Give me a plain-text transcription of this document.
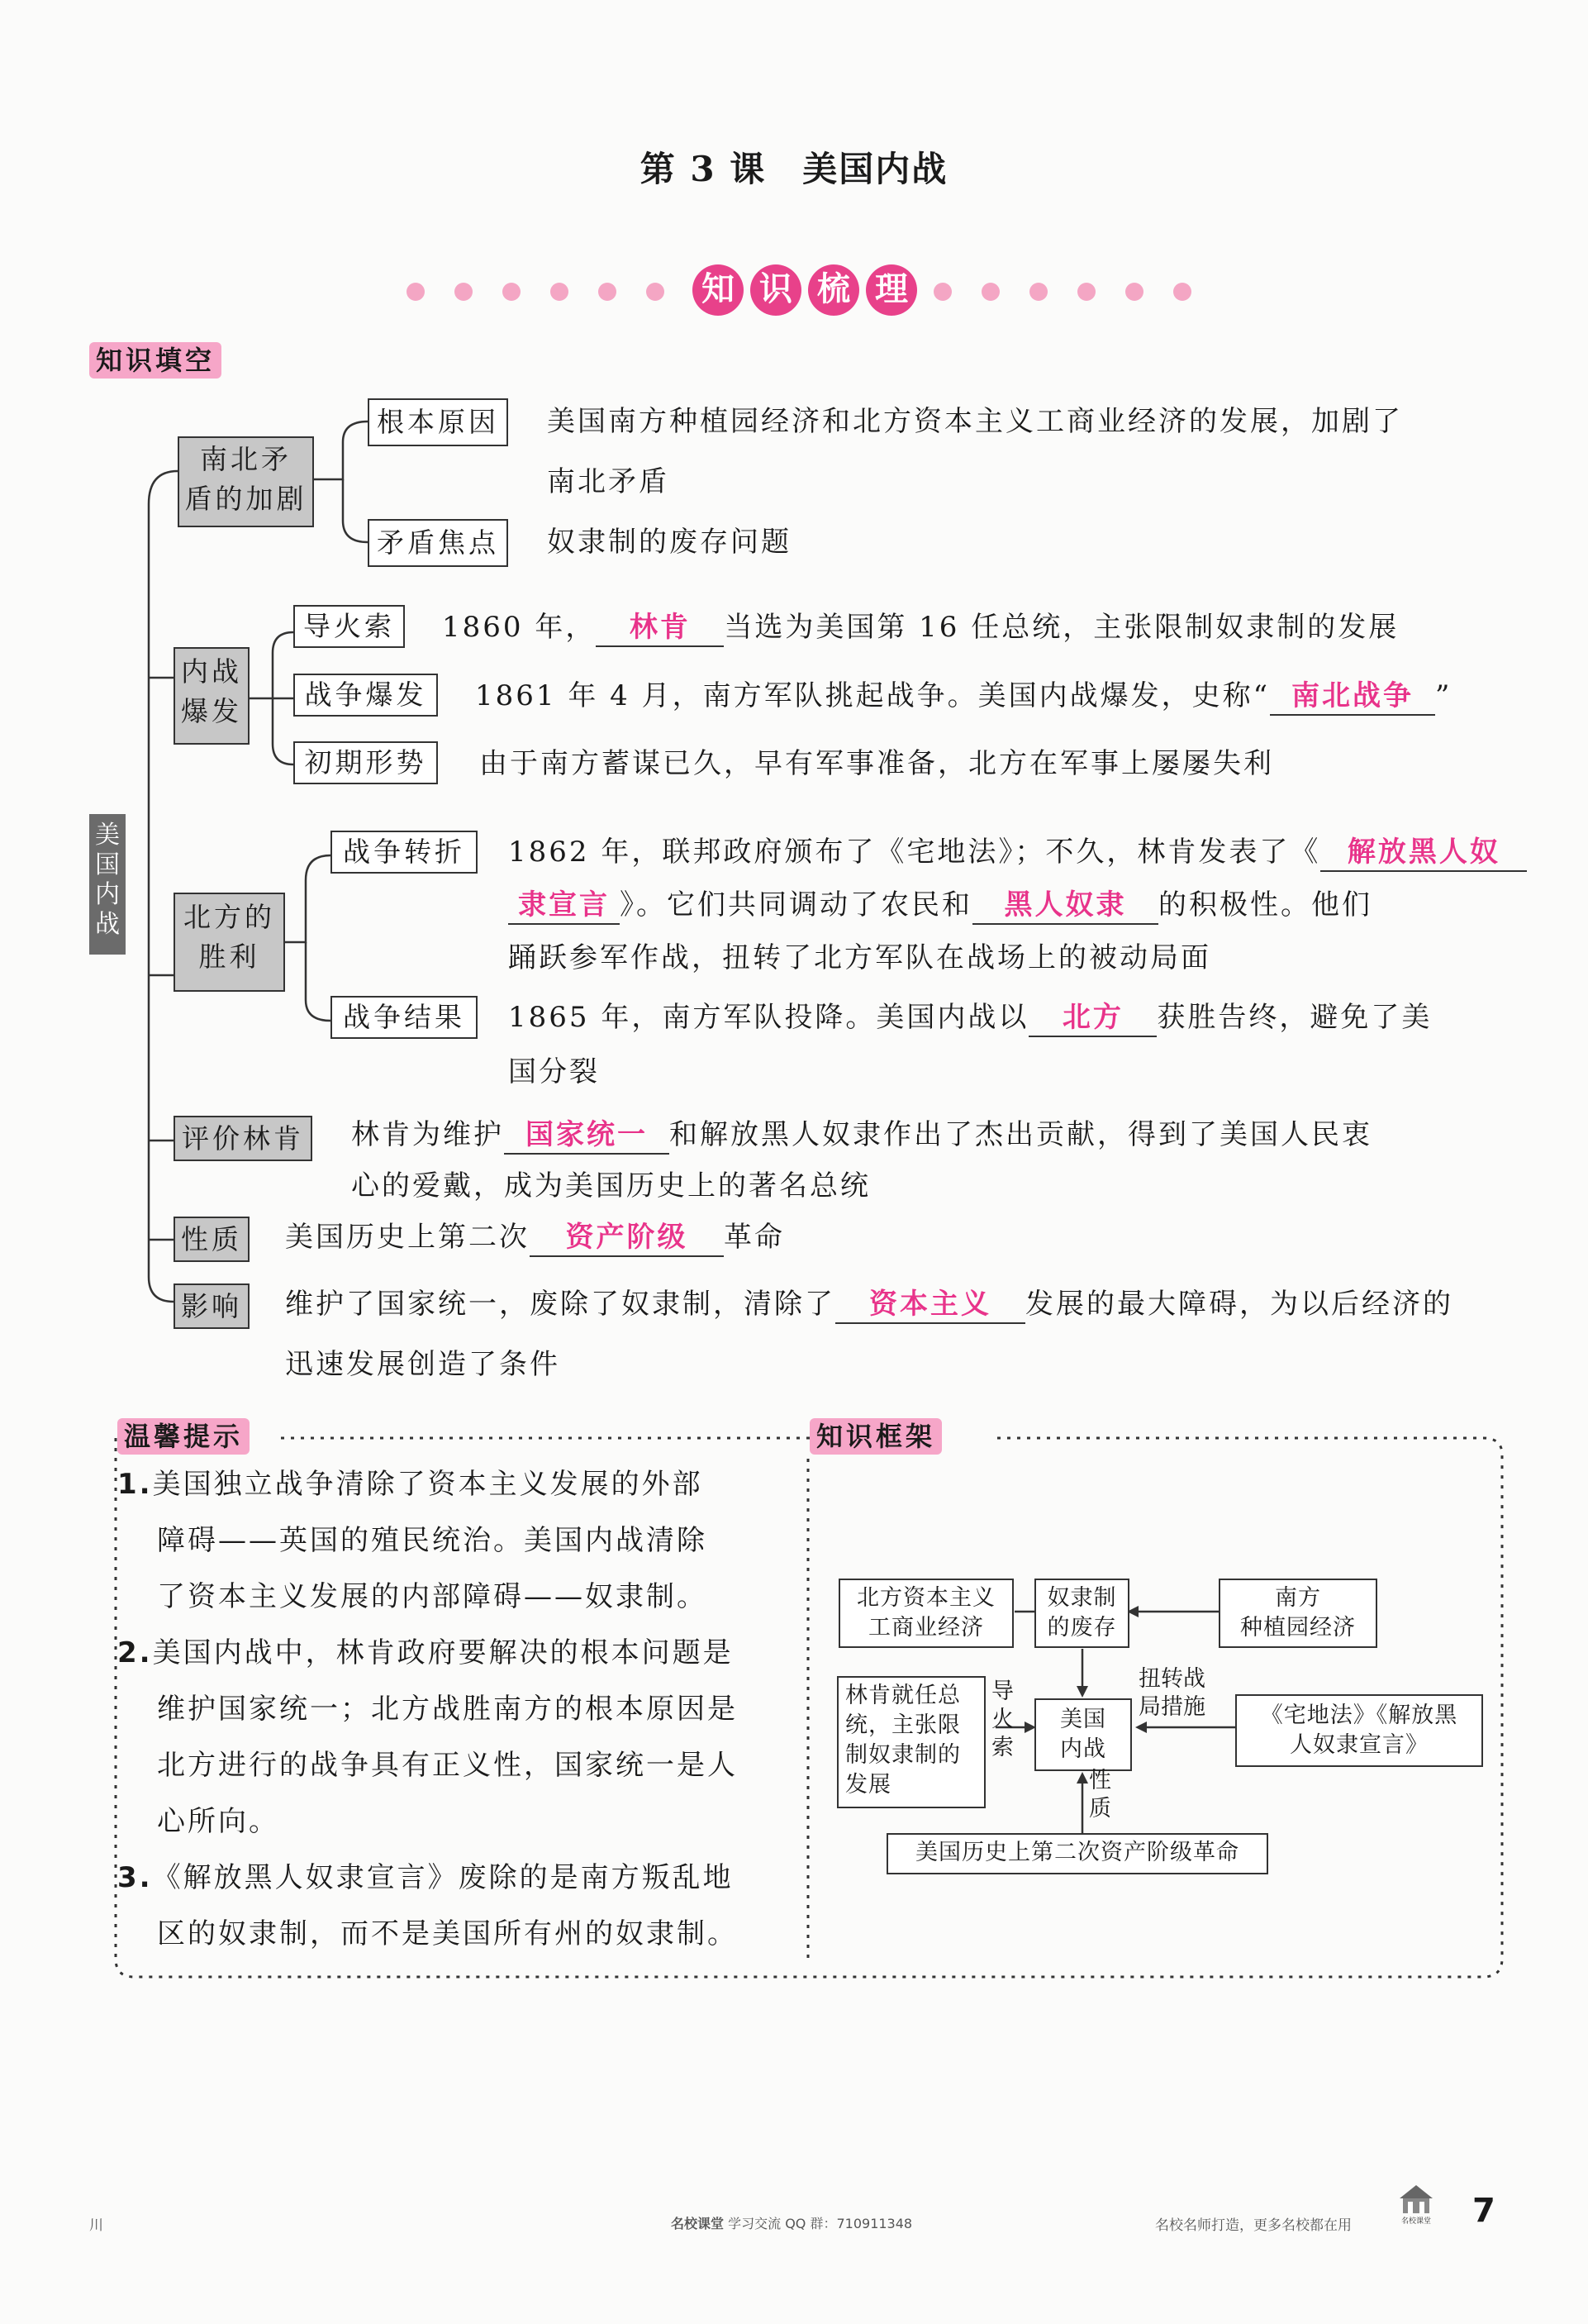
第 3 课　美国内战
知 识 梳 理
知识填空
美
国
内
战
南北矛
盾的加剧
根本原因	美国南方种植园经济和北方资本主义工商业经济的发展，加剧了
南北矛盾
矛盾焦点	奴隶制的废存问题
内战
爆发
导火索	1860 年， 林肯 当选为美国第 16 任总统，主张限制奴隶制的发展
战争爆发	1861 年 4 月，南方军队挑起战争。美国内战爆发，史称“ 南北战争 ”
初期形势	由于南方蓄谋已久，早有军事准备，北方在军事上屡屡失利
北方的
胜利
战争转折	1862 年，联邦政府颁布了《宅地法》；不久，林肯发表了《 解放黑人奴
隶宣言 》。它们共同调动了农民和 黑人奴隶 的积极性。他们
踊跃参军作战，扭转了北方军队在战场上的被动局面
战争结果	1865 年，南方军队投降。美国内战以 北方 获胜告终，避免了美
国分裂
评价林肯 林肯为维护 国家统一 和解放黑人奴隶作出了杰出贡献，得到了美国人民衷
心的爱戴，成为美国历史上的著名总统
性质 美国历史上第二次 资产阶级 革命
影响 维护了国家统一，废除了奴隶制，清除了 资本主义 发展的最大障碍，为以后经济的
迅速发展创造了条件
温馨提示
1.美国独立战争清除了资本主义发展的外部
障碍——英国的殖民统治。美国内战清除
了资本主义发展的内部障碍——奴隶制。
2.美国内战中，林肯政府要解决的根本问题是
维护国家统一；北方战胜南方的根本原因是
北方进行的战争具有正义性，国家统一是人
心所向。
3.《解放黑人奴隶宣言》废除的是南方叛乱地
区的奴隶制，而不是美国所有州的奴隶制。
知识框架
北方资本主义
工商业经济
奴隶制
的废存
南方
种植园经济
林肯就任总
统，主张限
制奴隶制的
发展
导
火
索
美国
内战
扭转战
局措施	《宅地法》《解放黑
人奴隶宣言》
性
质
美国历史上第二次资产阶级革命
川	名校课堂 学习交流 QQ 群：710911348	名校名师打造，更多名校都在用	名校课堂 7
